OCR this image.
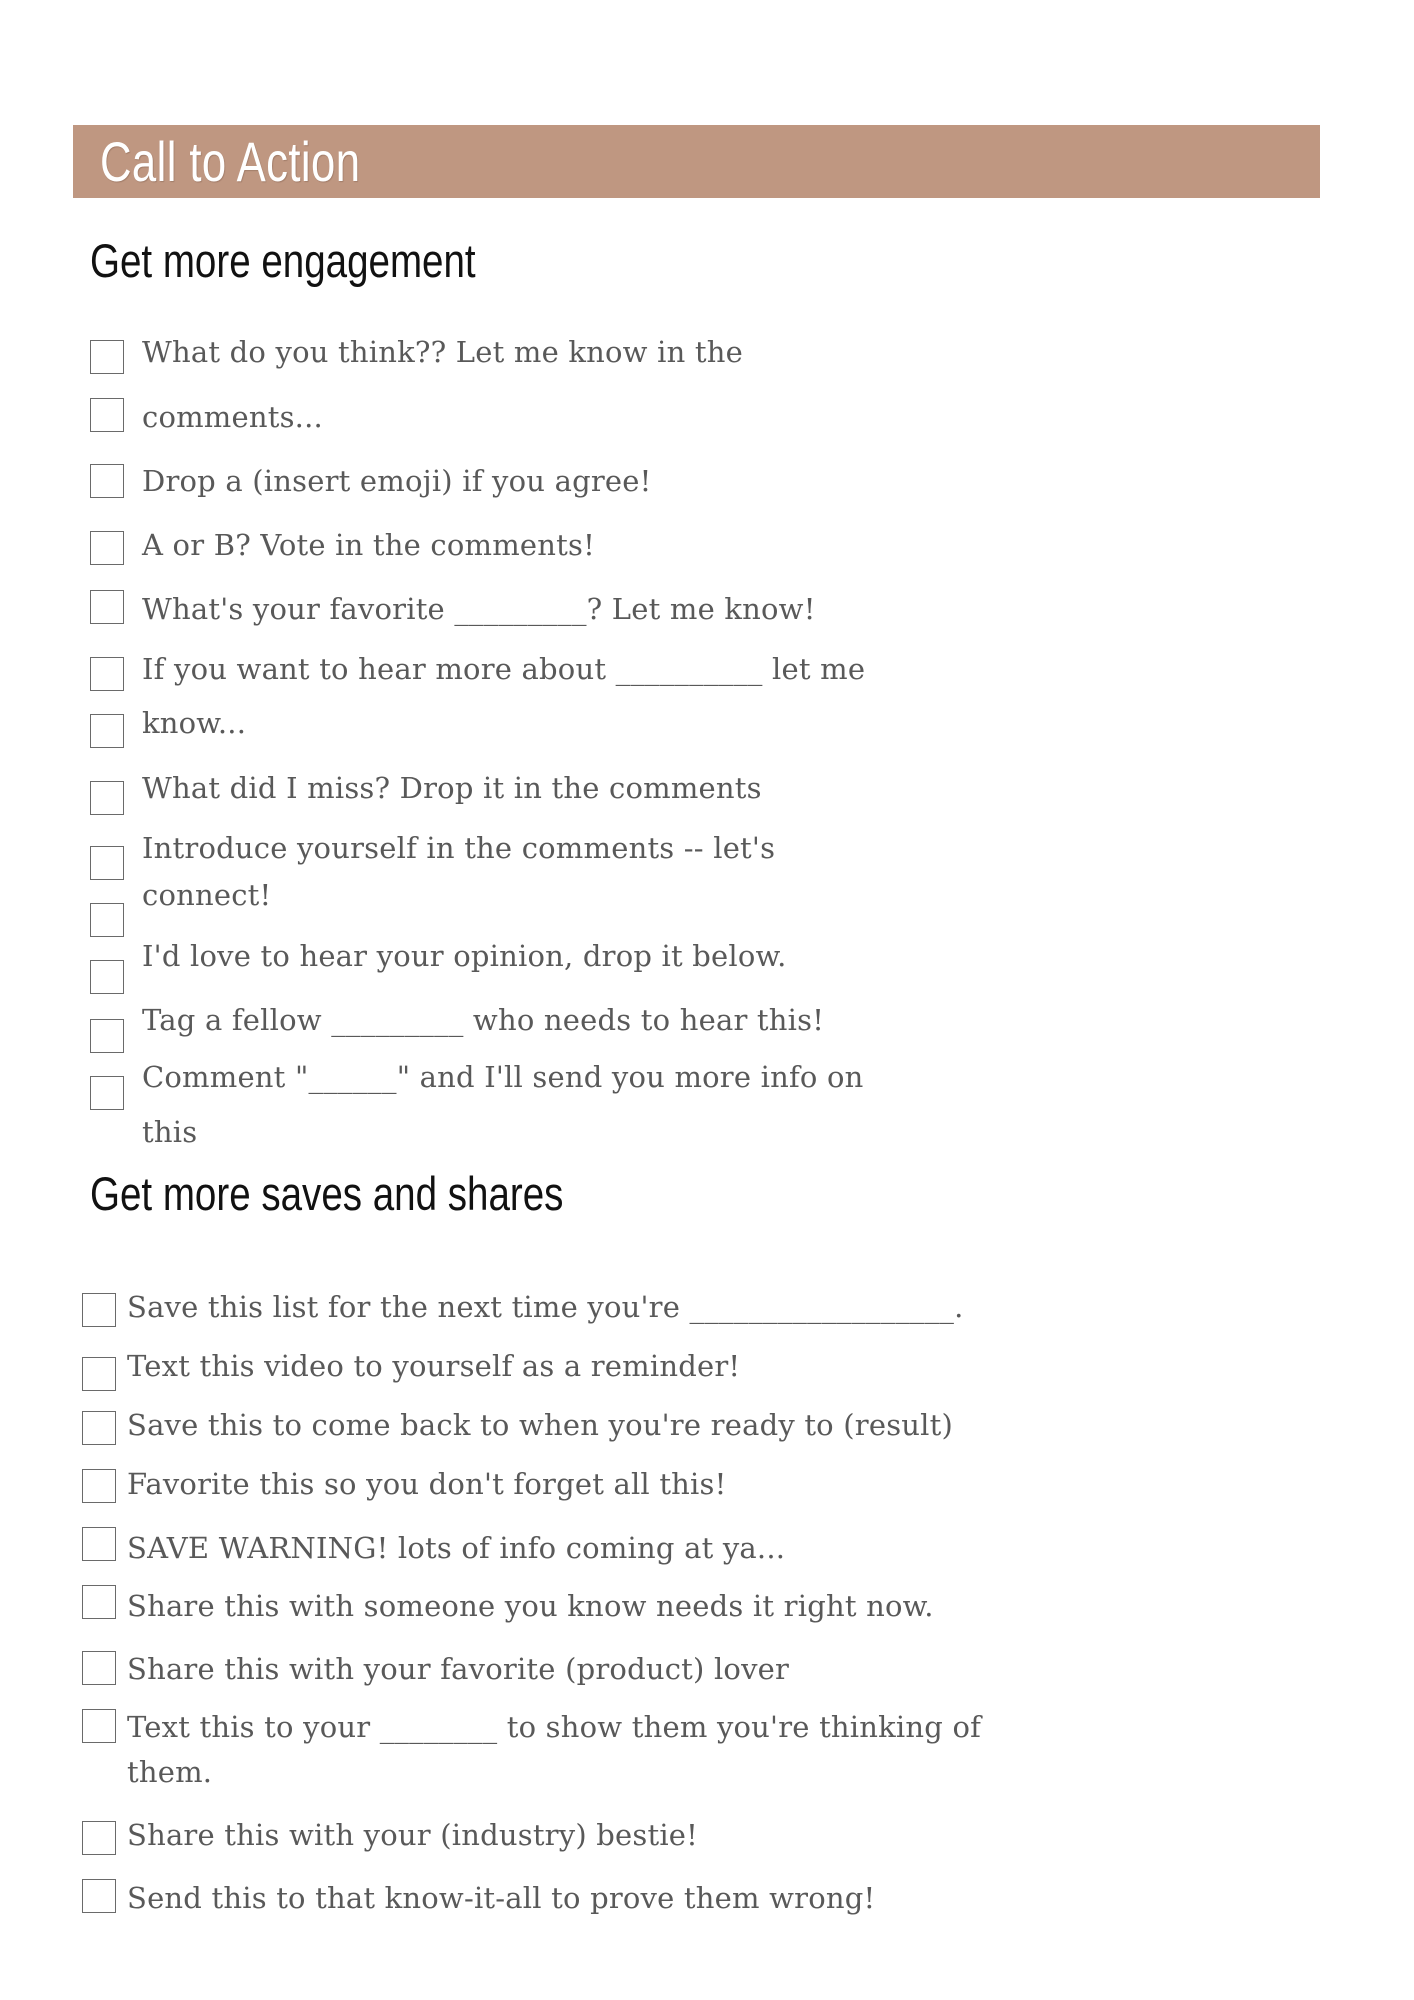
Call to Action
Get more engagement
What do you think?? Let me know in the
comments...
Drop a (insert emoji) if you agree!
A or B? Vote in the comments!
What's your favorite _________? Let me know!
If you want to hear more about __________ let me
know...
What did I miss? Drop it in the comments
Introduce yourself in the comments -- let's
connect!
I'd love to hear your opinion, drop it below.
Tag a fellow _________ who needs to hear this!
Comment "______" and I'll send you more info on
this
Get more saves and shares
Save this list for the next time you're __________________.
Text this video to yourself as a reminder!
Save this to come back to when you're ready to (result)
Favorite this so you don't forget all this!
SAVE WARNING! lots of info coming at ya...
Share this with someone you know needs it right now.
Share this with your favorite (product) lover
Text this to your ________ to show them you're thinking of
them.
Share this with your (industry) bestie!
Send this to that know-it-all to prove them wrong!
